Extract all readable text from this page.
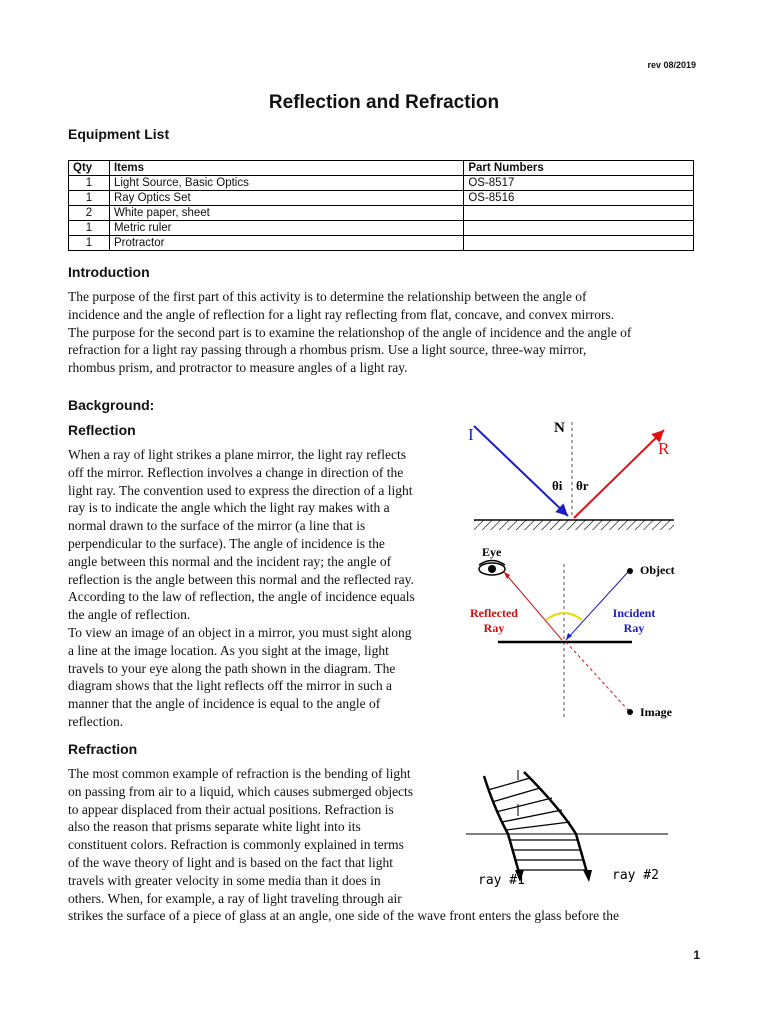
rev 08/2019
Reflection and Refraction
Equipment List
Qty	Items	Part Numbers
1	Light Source, Basic Optics	OS-8517
1	Ray Optics Set	OS-8516
2	White paper, sheet	
1	Metric ruler	
1	Protractor	
Introduction

The purpose of the first part of this activity is to determine the relationship between the angle of

incidence and the angle of reflection for a light ray reflecting from flat, concave, and convex mirrors.

The purpose for the second part is to examine the relationshop of the angle of incidence and the angle of

refraction for a light ray passing through a rhombus prism. Use a light source, three-way mirror,

rhombus prism, and protractor to measure angles of a light ray.

Background:
Reflection

When a ray of light strikes a plane mirror, the light ray reflects

off the mirror. Reflection involves a change in direction of the

light ray. The convention used to express the direction of a light

ray is to indicate the angle which the light ray makes with a

normal drawn to the surface of the mirror (a line that is

perpendicular to the surface). The angle of incidence is the

angle between this normal and the incident ray; the angle of

reflection is the angle between this normal and the reflected ray.

According to the law of reflection, the angle of incidence equals

the angle of reflection.

To view an image of an object in a mirror, you must sight along

a line at the image location. As you sight at the image, light

travels to your eye along the path shown in the diagram. The

diagram shows that the light reflects off the mirror in such a

manner that the angle of incidence is equal to the angle of

reflection.

Refraction

The most common example of refraction is the bending of light

on passing from air to a liquid, which causes submerged objects

to appear displaced from their actual positions. Refraction is

also the reason that prisms separate white light into its

constituent colors. Refraction is commonly explained in terms

of the wave theory of light and is based on the fact that light

travels with greater velocity in some media than it does in

others. When, for example, a ray of light traveling through air

strikes the surface of a piece of glass at an angle, one side of the wave front enters the glass before the

I	N
R
θi θr
Eye
Object
Image
Reflected
Ray
Incident
Ray
ray #1	ray #2
1
